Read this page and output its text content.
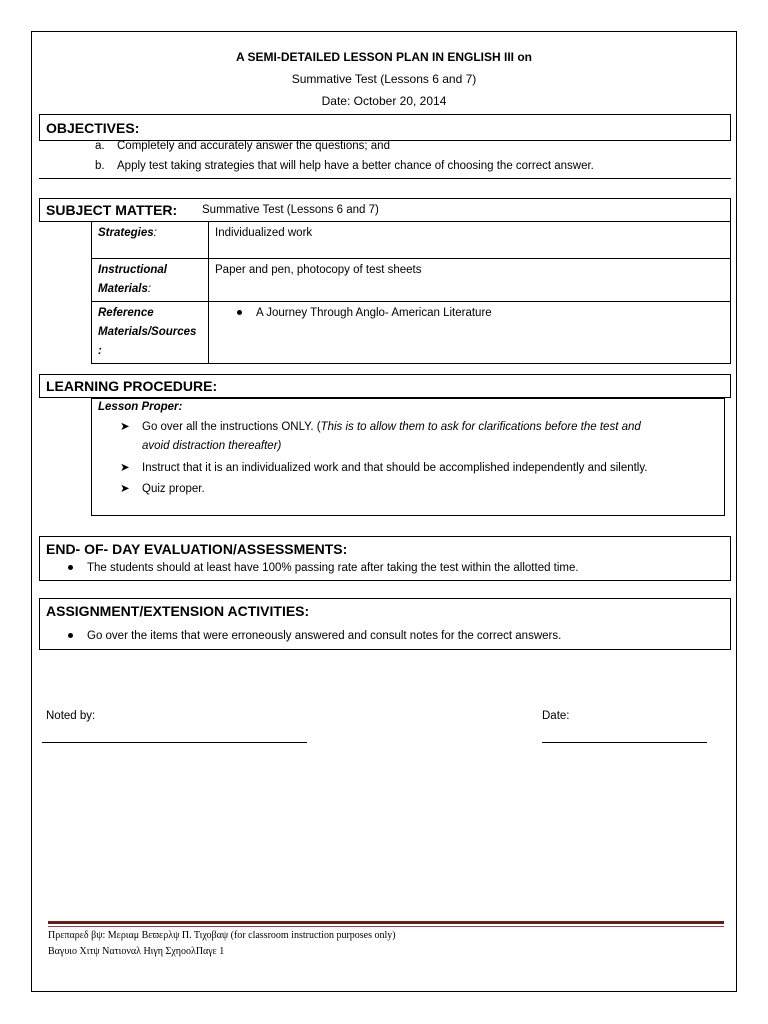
A SEMI-DETAILED LESSON PLAN IN ENGLISH III on
Summative Test (Lessons 6 and 7)
Date: October 20, 2014
OBJECTIVES:
a. Completely and accurately answer the questions; and
b. Apply test taking strategies that will help have a better chance of choosing the correct answer.
SUBJECT MATTER: Summative Test (Lessons 6 and 7)
Strategies:	Individualized work
Instructional Materials:	Paper and pen, photocopy of test sheets
Reference Materials/Sources :	A Journey Through Anglo- American Literature
LEARNING PROCEDURE:
Lesson Proper:
➤ Go over all the instructions ONLY. (This is to allow them to ask for clarifications before the test and
avoid distraction thereafter)
➤ Instruct that it is an individualized work and that should be accomplished independently and silently.
➤ Quiz proper.
END- OF- DAY EVALUATION/ASSESSMENTS:
The students should at least have 100% passing rate after taking the test within the allotted time.
ASSIGNMENT/EXTENSION ACTIVITIES:
Go over the items that were erroneously answered and consult notes for the correct answers.
Noted by:	Date:
Πρεπαρεδ βψ: Μεριαμ Βεϖερλψ Π. Τιχοβαψ (for classroom instruction purposes only)
Βαγυιο Χιτψ Νατιοναλ Ηιγη ΣχηοολΠαγε 1
